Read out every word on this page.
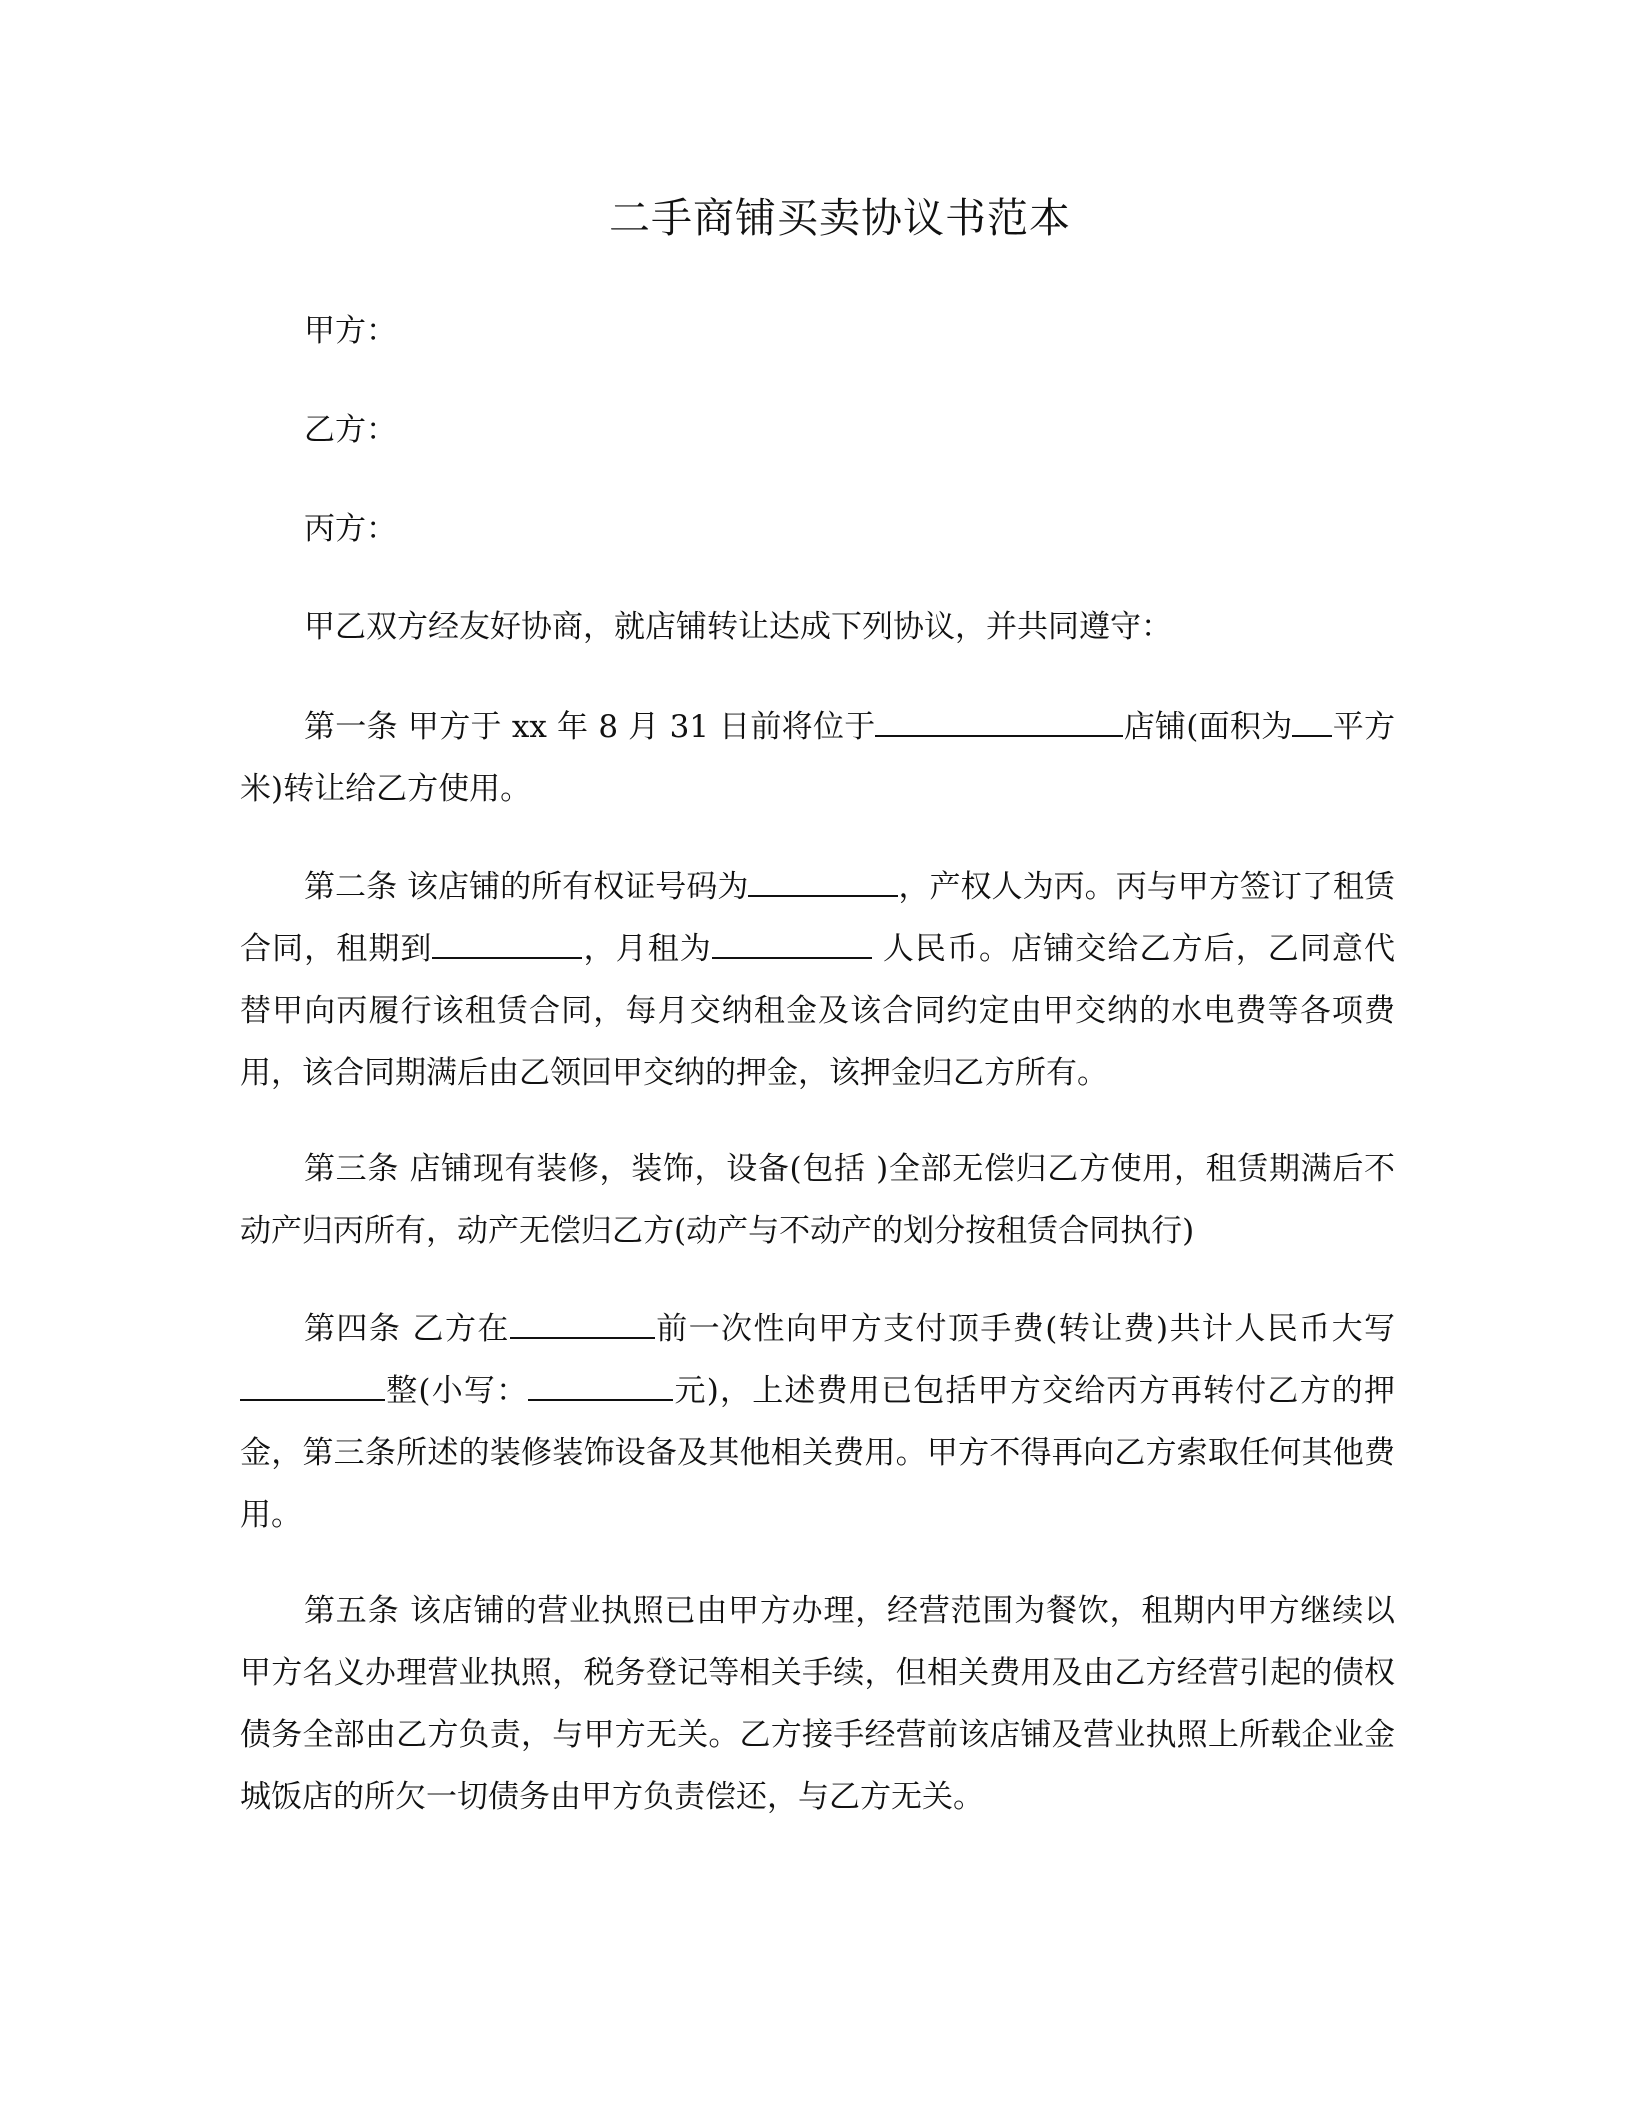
二手商铺买卖协议书范本
甲方：
乙方：
丙方：

甲乙双方经友好协商，就店铺转让达成下列协议，并共同遵守：

第一条 甲方于 xx 年 8 月 31 日前将位于	店铺(面积为 平方米)转让给乙方使用。

第二条 该店铺的所有权证号码为	，产权人为丙。丙与甲方签订了租赁合同，租期到	，月租为	人民币。店铺交给乙方后，乙同意代替甲向丙履行该租赁合同，每月交纳租金及该合同约定由甲交纳的水电费等各项费用，该合同期满后由乙领回甲交纳的押金，该押金归乙方所有。

第三条 店铺现有装修，装饰，设备(包括 )全部无偿归乙方使用，租赁期满后不动产归丙所有，动产无偿归乙方(动产与不动产的划分按租赁合同执行)

第四条 乙方在	前一次性向甲方支付顶手费(转让费)共计人民币大写整(小写：	元)，上述费用已包括甲方交给丙方再转付乙方的押金，第三条所述的装修装饰设备及其他相关费用。甲方不得再向乙方索取任何其他费用。

第五条 该店铺的营业执照已由甲方办理，经营范围为餐饮，租期内甲方继续以甲方名义办理营业执照，税务登记等相关手续，但相关费用及由乙方经营引起的债权债务全部由乙方负责，与甲方无关。乙方接手经营前该店铺及营业执照上所载企业金城饭店的所欠一切债务由甲方负责偿还，与乙方无关。
